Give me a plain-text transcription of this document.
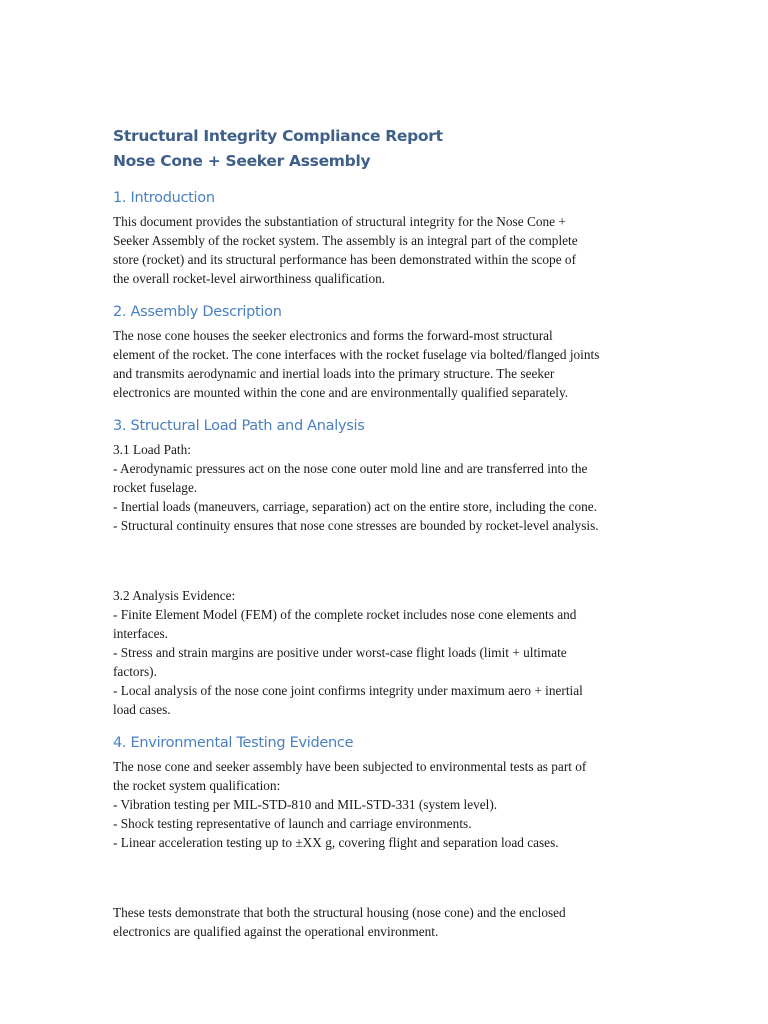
Structural Integrity Compliance Report

Nose Cone + Seeker Assembly

1. Introduction

This document provides the substantiation of structural integrity for the Nose Cone +

Seeker Assembly of the rocket system. The assembly is an integral part of the complete

store (rocket) and its structural performance has been demonstrated within the scope of

the overall rocket-level airworthiness qualification.

2. Assembly Description

The nose cone houses the seeker electronics and forms the forward-most structural

element of the rocket. The cone interfaces with the rocket fuselage via bolted/flanged joints

and transmits aerodynamic and inertial loads into the primary structure. The seeker

electronics are mounted within the cone and are environmentally qualified separately.

3. Structural Load Path and Analysis

3.1 Load Path:

- Aerodynamic pressures act on the nose cone outer mold line and are transferred into the

rocket fuselage.

- Inertial loads (maneuvers, carriage, separation) act on the entire store, including the cone.

- Structural continuity ensures that nose cone stresses are bounded by rocket-level analysis.

3.2 Analysis Evidence:

- Finite Element Model (FEM) of the complete rocket includes nose cone elements and

interfaces.

- Stress and strain margins are positive under worst-case flight loads (limit + ultimate

factors).

- Local analysis of the nose cone joint confirms integrity under maximum aero + inertial

load cases.

4. Environmental Testing Evidence

The nose cone and seeker assembly have been subjected to environmental tests as part of

the rocket system qualification:

- Vibration testing per MIL-STD-810 and MIL-STD-331 (system level).

- Shock testing representative of launch and carriage environments.

- Linear acceleration testing up to ±XX g, covering flight and separation load cases.

These tests demonstrate that both the structural housing (nose cone) and the enclosed

electronics are qualified against the operational environment.
